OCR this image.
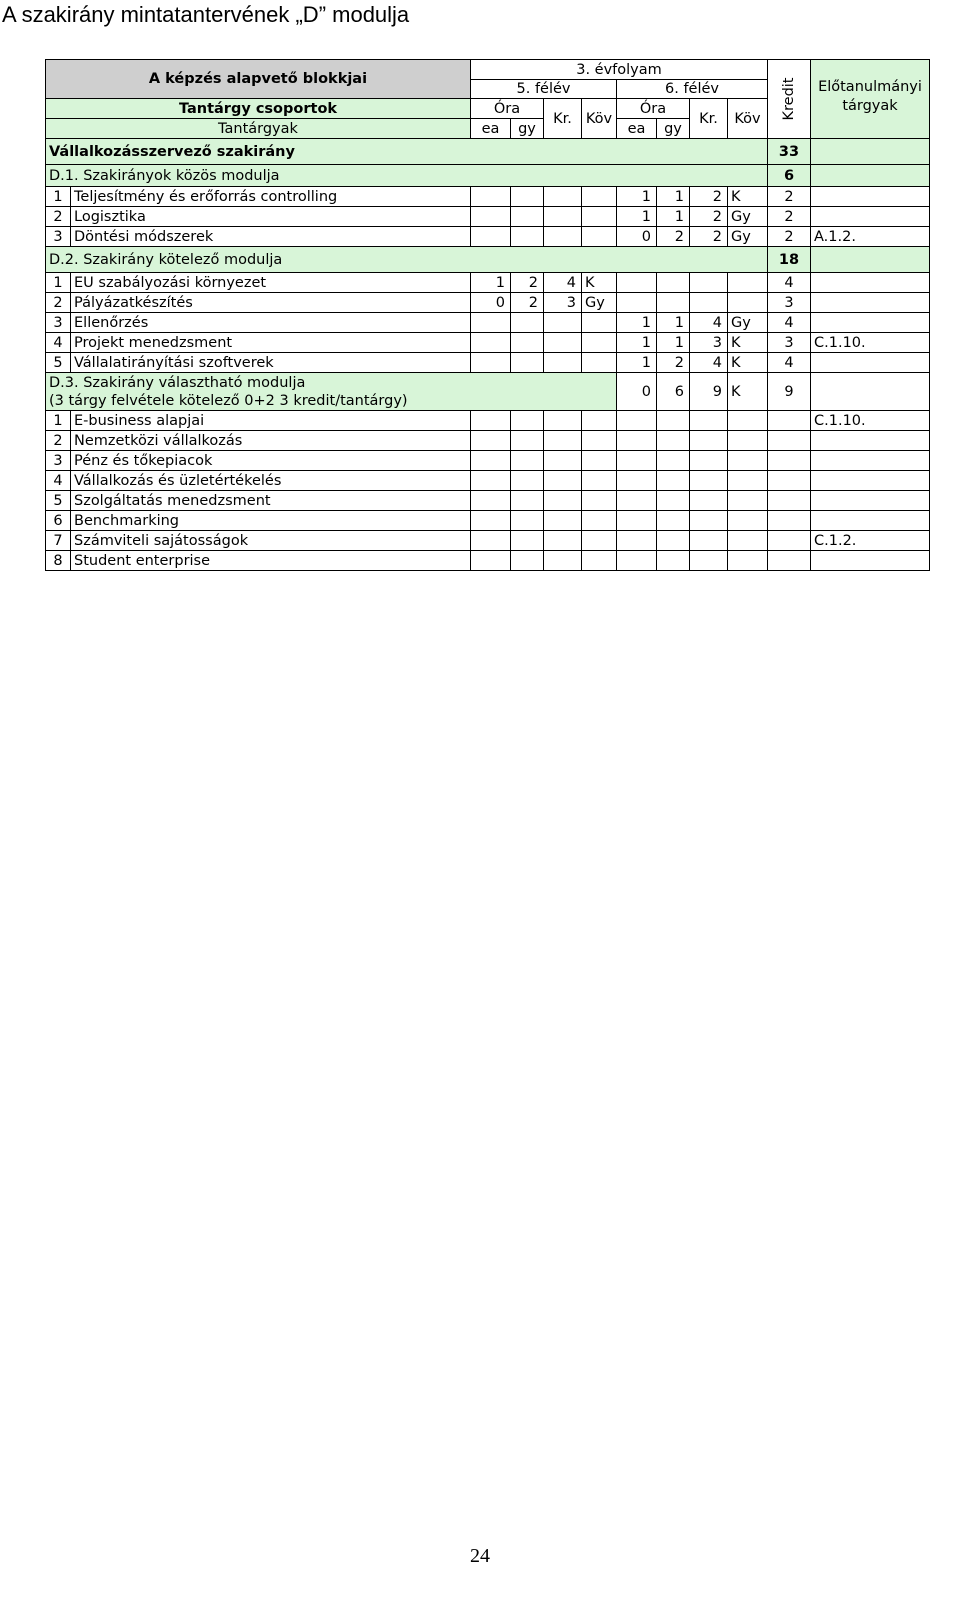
A szakirány mintatantervének „D” modulja
A képzés alapvető blokkjai		3. évfolyam								Kredit	Előtanulmányi tárgyak
		5. félév				6. félév					
Tantárgy csoportok		Óra		Kr.	Köv	Óra		Kr.	Köv		
Tantárgyak		ea	gy			ea	gy				
Vállalkozásszervező szakirány										33	
D.1. Szakirányok közös modulja										6	
1	Teljesítmény és erőforrás controlling					1	1	2	K	2	
2	Logisztika					1	1	2	Gy	2	
3	Döntési módszerek					0	2	2	Gy	2	A.1.2.
D.2. Szakirány kötelező modulja										18	
1	EU szabályozási környezet	1	2	4	K					4	
2	Pályázatkészítés	0	2	3	Gy					3	
3	Ellenőrzés					1	1	4	Gy	4	
4	Projekt menedzsment					1	1	3	K	3	C.1.10.
5	Vállalatirányítási szoftverek					1	2	4	K	4	

D.3. Szakirány választható modulja
(3 tárgy felvétele kötelező 0+2 3 kredit/tantárgy)						0	6	9	K	9	
1	E-business alapjai										C.1.10.
2	Nemzetközi vállalkozás										
3	Pénz és tőkepiacok										
4	Vállalkozás és üzletértékelés										
5	Szolgáltatás menedzsment										
6	Benchmarking										
7	Számviteli sajátosságok										C.1.2.
8	Student enterprise										
24
